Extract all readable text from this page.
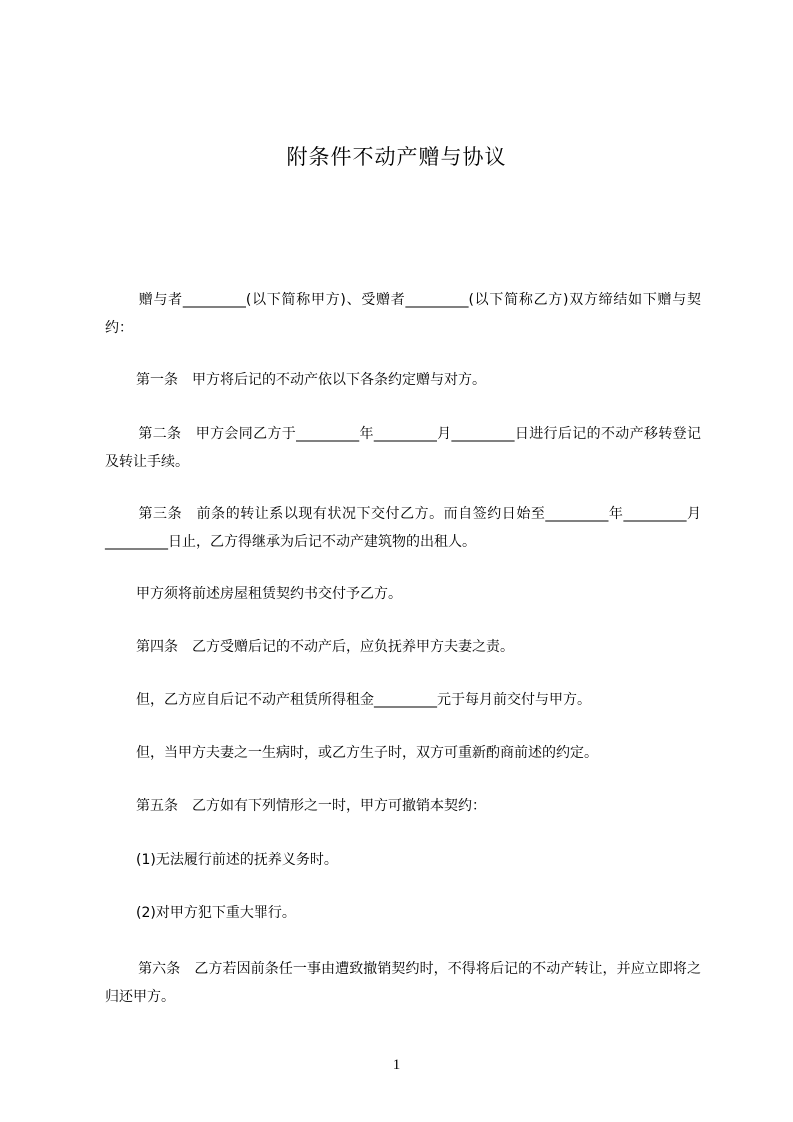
附条件不动产赠与协议
赠与者_________(以下简称甲方)、受赠者_________(以下简称乙方)双方缔结如下赠与契约：
第一条 甲方将后记的不动产依以下各条约定赠与对方。
第二条 甲方会同乙方于_________年_________月_________日进行后记的不动产移转登记及转让手续。
第三条 前条的转让系以现有状况下交付乙方。而自签约日始至_________年_________月_________日止，乙方得继承为后记不动产建筑物的出租人。
甲方须将前述房屋租赁契约书交付予乙方。
第四条 乙方受赠后记的不动产后，应负抚养甲方夫妻之责。
但，乙方应自后记不动产租赁所得租金_________元于每月前交付与甲方。
但，当甲方夫妻之一生病时，或乙方生子时，双方可重新酌商前述的约定。
第五条 乙方如有下列情形之一时，甲方可撤销本契约：
(1)无法履行前述的抚养义务时。
(2)对甲方犯下重大罪行。
第六条 乙方若因前条任一事由遭致撤销契约时，不得将后记的不动产转让，并应立即将之归还甲方。
1
